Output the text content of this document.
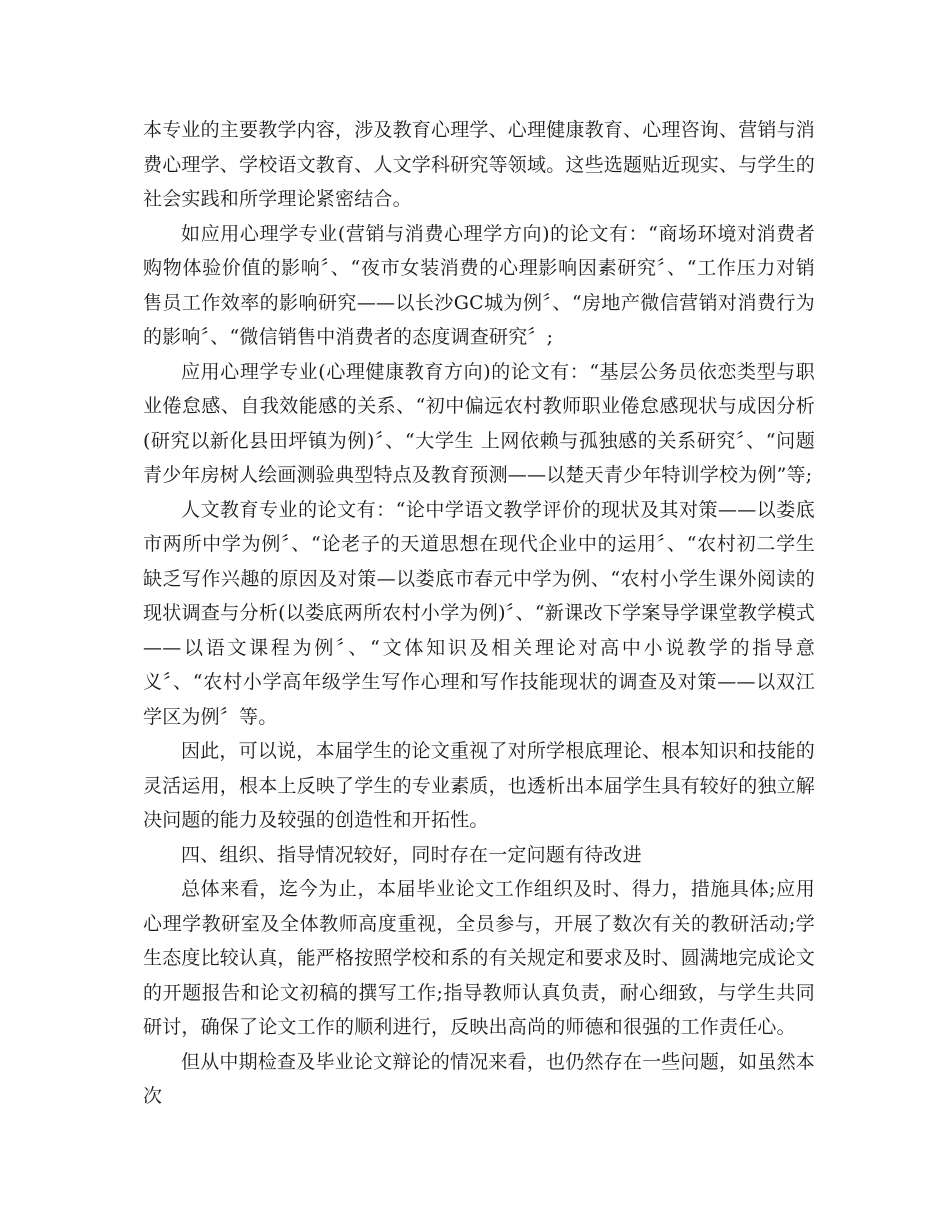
本专业的主要教学内容，涉及教育心理学、心理健康教育、心理咨询、营销与消费心理学、学校语文教育、人文学科研究等领域。这些选题贴近现实、与学生的社会实践和所学理论紧密结合。

如应用心理学专业(营销与消费心理学方向)的论文有：“商场环境对消费者购物体验价值的影响〞、“夜市女装消费的心理影响因素研究〞、“工作压力对销售员工作效率的影响研究——以长沙GC城为例〞、“房地产微信营销对消费行为的影响〞、“微信销售中消费者的态度调查研究〞;

应用心理学专业(心理健康教育方向)的论文有：“基层公务员依恋类型与职业倦怠感、自我效能感的关系、“初中偏远农村教师职业倦怠感现状与成因分析(研究以新化县田坪镇为例)〞、“大学生 上网依赖与孤独感的关系研究〞、“问题青少年房树人绘画测验典型特点及教育预测——以楚天青少年特训学校为例”等;

人文教育专业的论文有：“论中学语文教学评价的现状及其对策——以娄底市两所中学为例〞、“论老子的天道思想在现代企业中的运用〞、“农村初二学生缺乏写作兴趣的原因及对策—以娄底市春元中学为例、“农村小学生课外阅读的现状调查与分析(以娄底两所农村小学为例)〞、“新课改下学案导学课堂教学模式——以语文课程为例〞、“文体知识及相关理论对高中小说教学的指导意义〞、“农村小学高年级学生写作心理和写作技能现状的调查及对策——以双江学区为例〞等。

因此，可以说，本届学生的论文重视了对所学根底理论、根本知识和技能的灵活运用，根本上反映了学生的专业素质，也透析出本届学生具有较好的独立解决问题的能力及较强的创造性和开拓性。

四、组织、指导情况较好，同时存在一定问题有待改进

总体来看，迄今为止，本届毕业论文工作组织及时、得力，措施具体;应用心理学教研室及全体教师高度重视，全员参与，开展了数次有关的教研活动;学生态度比较认真，能严格按照学校和系的有关规定和要求及时、圆满地完成论文的开题报告和论文初稿的撰写工作;指导教师认真负责，耐心细致，与学生共同研讨，确保了论文工作的顺利进行，反映出高尚的师德和很强的工作责任心。

但从中期检查及毕业论文辩论的情况来看，也仍然存在一些问题，如虽然本次
